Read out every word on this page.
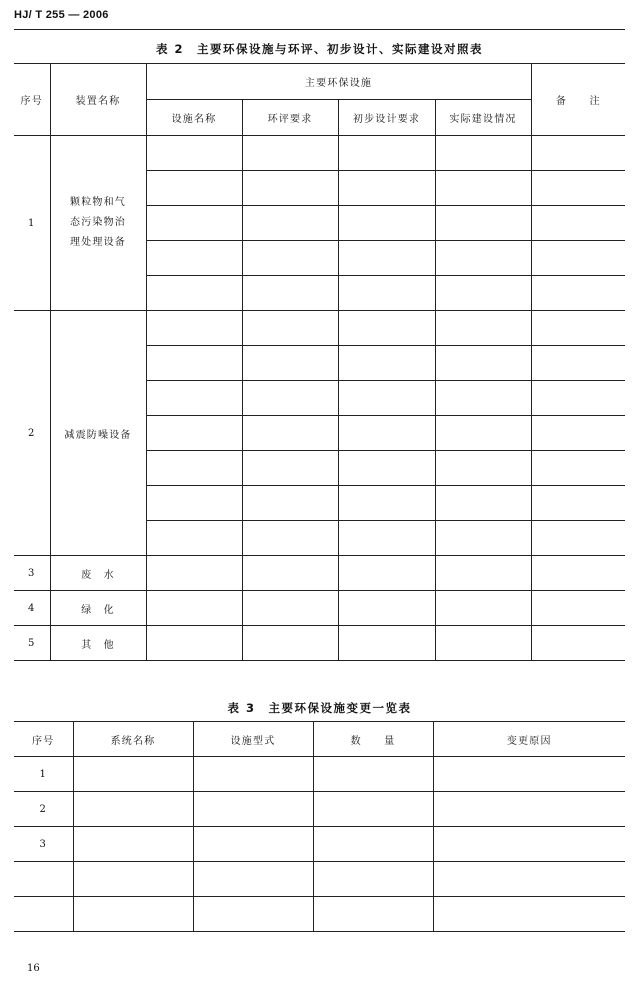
HJ/ T 255 — 2006
表 2　主要环保设施与环评、初步设计、实际建设对照表
序号	装置名称	主要环保设施				备　　注
		设施名称	环评要求	初步设计要求	实际建设情况	
1	颗粒物和气
态污染物治
理处理设备					

2	减震防噪设备					

3	废　水					
4	绿　化					
5	其　他					
表 3　主要环保设施变更一览表
序号	系统名称	设施型式	数　　量	变更原因
1				
2				
3				

16
